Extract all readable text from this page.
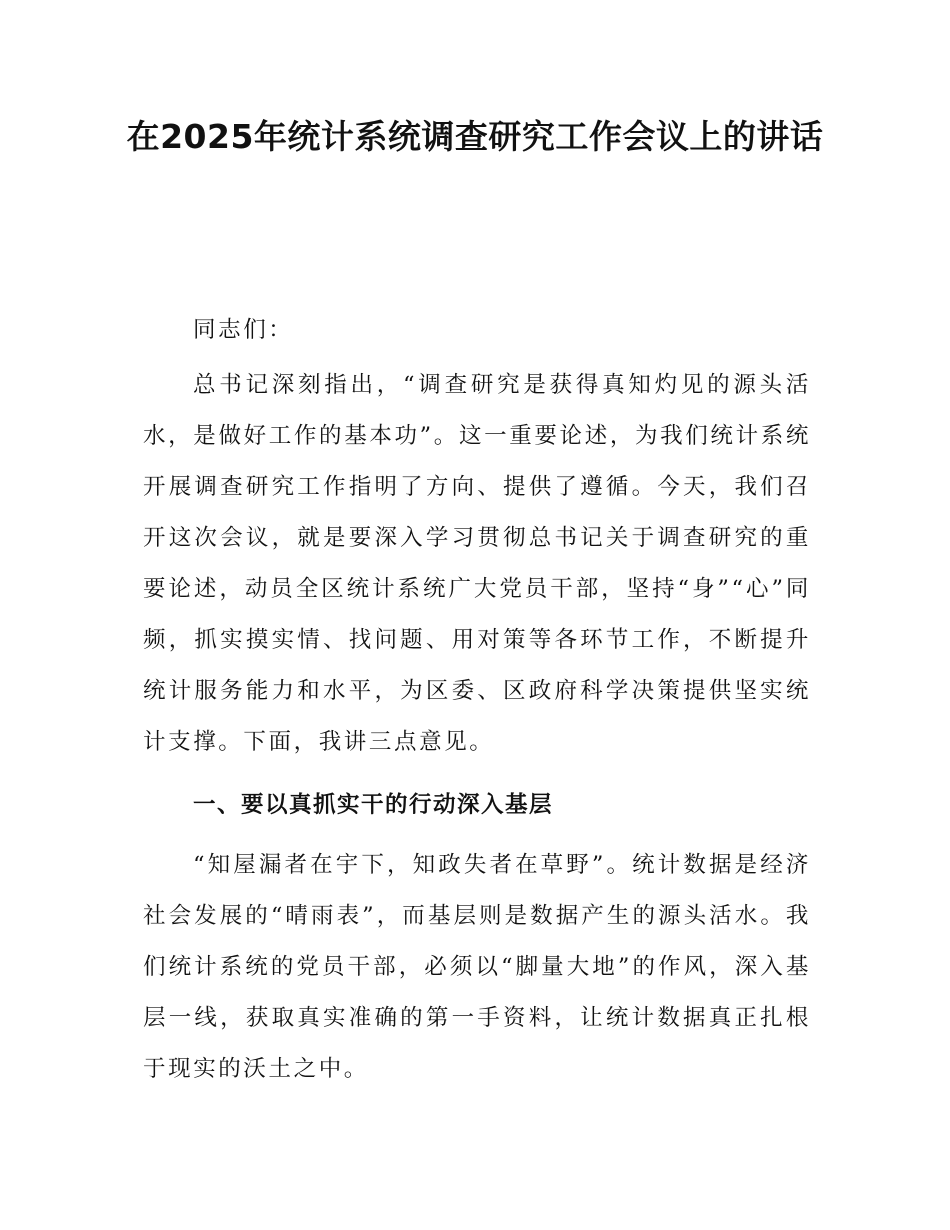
在2025年统计系统调查研究工作会议上的讲话

同志们：

总书记深刻指出，“调查研究是获得真知灼见的源头活水，是做好工作的基本功”。这一重要论述，为我们统计系统开展调查研究工作指明了方向、提供了遵循。今天，我们召开这次会议，就是要深入学习贯彻总书记关于调查研究的重要论述，动员全区统计系统广大党员干部，坚持“身”“心”同频，抓实摸实情、找问题、用对策等各环节工作，不断提升统计服务能力和水平，为区委、区政府科学决策提供坚实统计支撑。下面，我讲三点意见。

一、要以真抓实干的行动深入基层

“知屋漏者在宇下，知政失者在草野”。统计数据是经济社会发展的“晴雨表”，而基层则是数据产生的源头活水。我们统计系统的党员干部，必须以“脚量大地”的作风，深入基层一线，获取真实准确的第一手资料，让统计数据真正扎根于现实的沃土之中。
